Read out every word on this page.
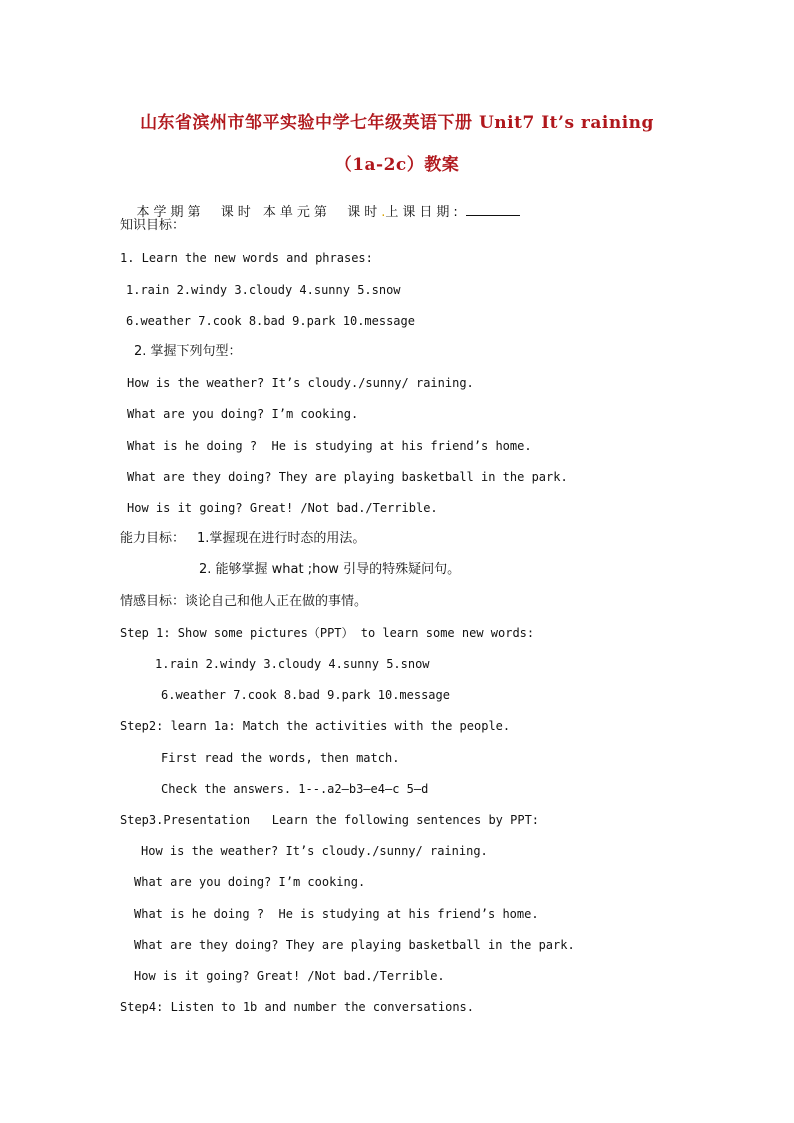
山东省滨州市邹平实验中学七年级英语下册 Unit7 It’s raining
（1a-2c）教案

本学期第  课时 本单元第  课时.上课日期:

知识目标：
1. Learn the new words and phrases:
1.rain 2.windy 3.cloudy 4.sunny 5.snow
6.weather 7.cook 8.bad 9.park 10.message
2. 掌握下列句型：
How is the weather? It’s cloudy./sunny/ raining.
What are you doing? I’m cooking.
What is he doing ?  He is studying at his friend’s home.
What are they doing? They are playing basketball in the park.
How is it going? Great! /Not bad./Terrible.
能力目标： 1.掌握现在进行时态的用法。
2. 能够掌握 what ;how 引导的特殊疑问句。
情感目标：谈论自己和他人正在做的事情。
Step 1: Show some pictures（PPT） to learn some new words:
1.rain 2.windy 3.cloudy 4.sunny 5.snow
6.weather 7.cook 8.bad 9.park 10.message
Step2: learn 1a: Match the activities with the people.
First read the words, then match.
Check the answers. 1--.a2—b3—e4—c 5—d
Step3.Presentation   Learn the following sentences by PPT:
How is the weather? It’s cloudy./sunny/ raining.
What are you doing? I’m cooking.
What is he doing ?  He is studying at his friend’s home.
What are they doing? They are playing basketball in the park.
How is it going? Great! /Not bad./Terrible.
Step4: Listen to 1b and number the conversations.
